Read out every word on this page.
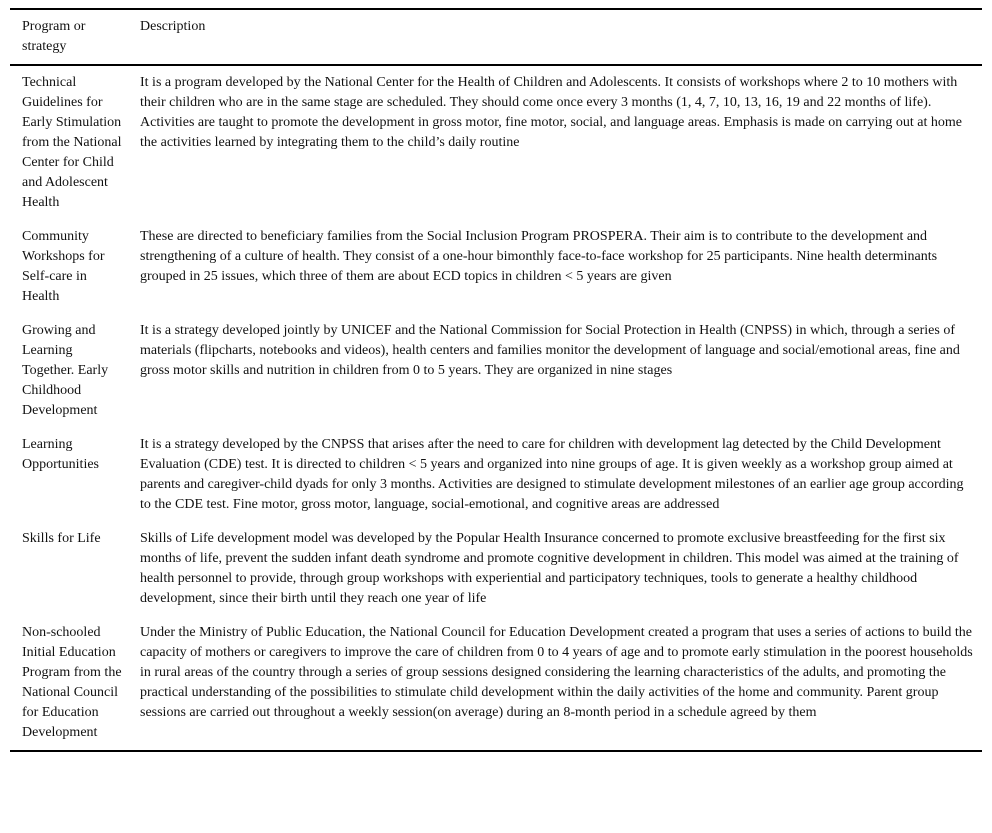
Program or strategy	Description
Technical Guidelines for Early Stimulation from the National Center for Child and Adolescent Health	It is a program developed by the National Center for the Health of Children and Adolescents. It consists of workshops where 2 to 10 mothers with their children who are in the same stage are scheduled. They should come once every 3 months (1, 4, 7, 10, 13, 16, 19 and 22 months of life). Activities are taught to promote the development in gross motor, fine motor, social, and language areas. Emphasis is made on carrying out at home the activities learned by integrating them to the child’s daily routine
Community Workshops for Self-care in Health	These are directed to beneficiary families from the Social Inclusion Program PROSPERA. Their aim is to contribute to the development and strengthening of a culture of health. They consist of a one-hour bimonthly face-to-face workshop for 25 participants. Nine health determinants grouped in 25 issues, which three of them are about ECD topics in children < 5 years are given
Growing and Learning Together. Early Childhood Development	It is a strategy developed jointly by UNICEF and the National Commission for Social Protection in Health (CNPSS) in which, through a series of materials (flipcharts, notebooks and videos), health centers and families monitor the development of language and social/emotional areas, fine and gross motor skills and nutrition in children from 0 to 5 years. They are organized in nine stages
Learning Opportunities	It is a strategy developed by the CNPSS that arises after the need to care for children with development lag detected by the Child Development Evaluation (CDE) test. It is directed to children < 5 years and organized into nine groups of age. It is given weekly as a workshop group aimed at parents and caregiver-child dyads for only 3 months. Activities are designed to stimulate development milestones of an earlier age group according to the CDE test. Fine motor, gross motor, language, social-emotional, and cognitive areas are addressed
Skills for Life	Skills of Life development model was developed by the Popular Health Insurance concerned to promote exclusive breastfeeding for the first six months of life, prevent the sudden infant death syndrome and promote cognitive development in children. This model was aimed at the training of health personnel to provide, through group workshops with experiential and participatory techniques, tools to generate a healthy childhood development, since their birth until they reach one year of life
Non-schooled Initial Education Program from the National Council for Education Development	Under the Ministry of Public Education, the National Council for Education Development created a program that uses a series of actions to build the capacity of mothers or caregivers to improve the care of children from 0 to 4 years of age and to promote early stimulation in the poorest households in rural areas of the country through a series of group sessions designed considering the learning characteristics of the adults, and promoting the practical understanding of the possibilities to stimulate child development within the daily activities of the home and community. Parent group sessions are carried out throughout a weekly session(on average) during an 8-month period in a schedule agreed by them
